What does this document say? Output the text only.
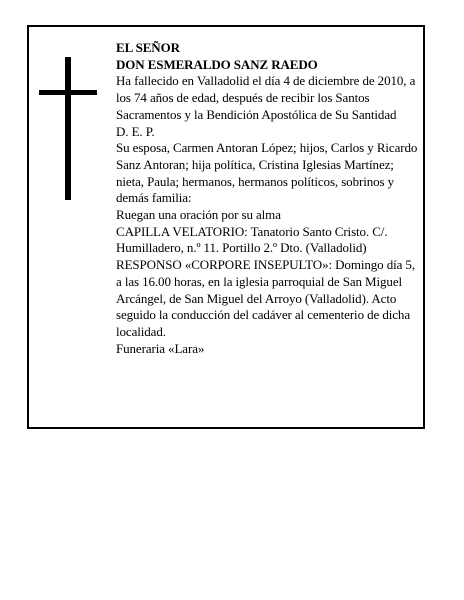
EL SEÑOR

DON ESMERALDO SANZ RAEDO

Ha fallecido en Valladolid el día 4 de diciembre de 2010, a los 74 años de edad, después de recibir los Santos Sacramentos y la Bendición Apostólica de Su Santidad

D. E. P.

Su esposa, Carmen Antoran López; hijos, Carlos y Ricardo Sanz Antoran; hija política, Cristina Iglesias Martínez; nieta, Paula; hermanos, hermanos políticos, sobrinos y demás familia:

Ruegan una oración por su alma

CAPILLA VELATORIO: Tanatorio Santo Cristo. C/. Humilladero, n.º 11. Portillo 2.º Dto. (Valladolid)

RESPONSO «CORPORE INSEPULTO»: Domingo día 5, a las 16.00 horas, en la iglesia parroquial de San Miguel Arcángel, de San Miguel del Arroyo (Valladolid). Acto seguido la conducción del cadáver al cementerio de dicha localidad.

Funeraria «Lara»
